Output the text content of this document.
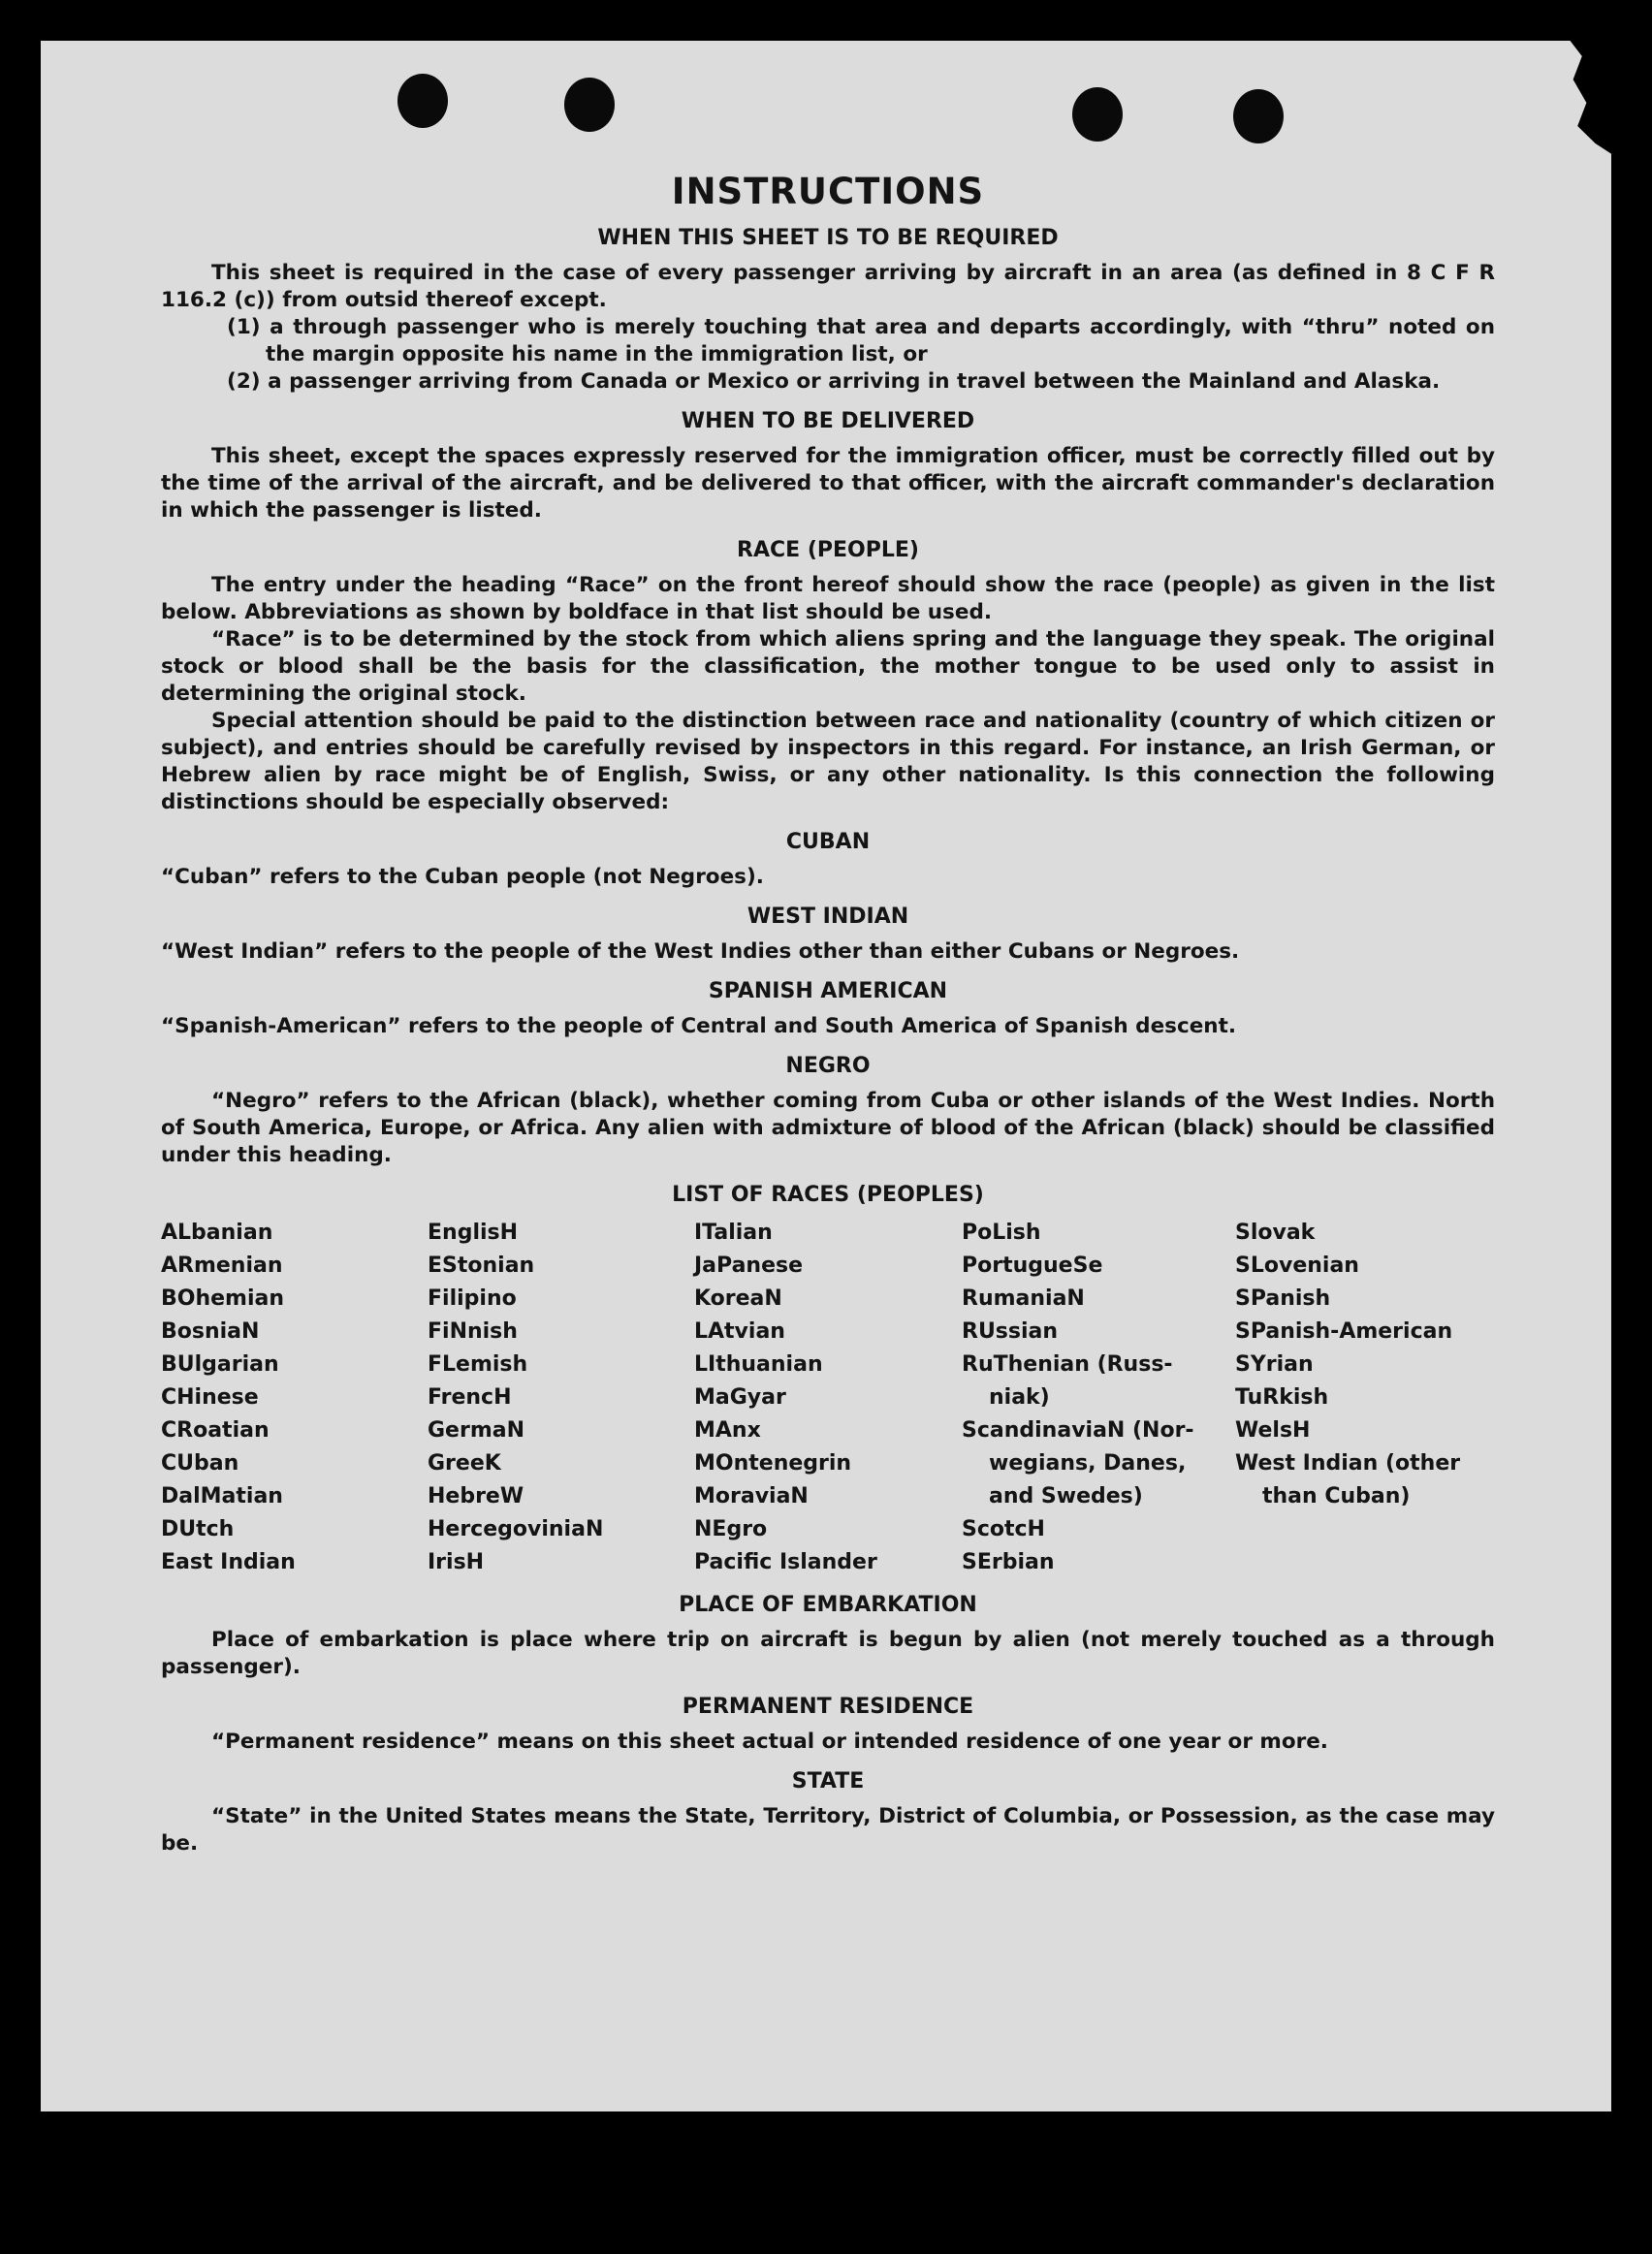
INSTRUCTIONS
WHEN THIS SHEET IS TO BE REQUIRED

This sheet is required in the case of every passenger arriving by aircraft in an area (as defined in 8 C F R 116.2 (c)) from outsid thereof except.

(1) a through passenger who is merely touching that area and departs accordingly, with “thru” noted on the margin opposite his name in the immigration list, or

(2) a passenger arriving from Canada or Mexico or arriving in travel between the Mainland and Alaska.

WHEN TO BE DELIVERED

This sheet, except the spaces expressly reserved for the immigration officer, must be correctly filled out by the time of the arrival of the aircraft, and be delivered to that officer, with the aircraft commander's declaration in which the passenger is listed.

RACE (PEOPLE)

The entry under the heading “Race” on the front hereof should show the race (people) as given in the list below. Abbreviations as shown by boldface in that list should be used.

“Race” is to be determined by the stock from which aliens spring and the language they speak. The original stock or blood shall be the basis for the classification, the mother tongue to be used only to assist in determining the original stock.

Special attention should be paid to the distinction between race and nationality (country of which citizen or subject), and entries should be carefully revised by inspectors in this regard. For instance, an Irish German, or Hebrew alien by race might be of English, Swiss, or any other nationality. Is this connection the following distinctions should be especially observed:

CUBAN

“Cuban” refers to the Cuban people (not Negroes).

WEST INDIAN

“West Indian” refers to the people of the West Indies other than either Cubans or Negroes.

SPANISH AMERICAN

“Spanish-American” refers to the people of Central and South America of Spanish descent.

NEGRO

“Negro” refers to the African (black), whether coming from Cuba or other islands of the West Indies. North of South America, Europe, or Africa. Any alien with admixture of blood of the African (black) should be classified under this heading.

LIST OF RACES (PEOPLES)
ALbanian
ARmenian
BOhemian
BosniaN
BUlgarian
CHinese
CRoatian
CUban
DalMatian
DUtch
East Indian
EnglisH
EStonian
Filipino
FiNnish
FLemish
FrencH
GermaN
GreeK
HebreW
HercegoviniaN
IrisH
ITalian
JaPanese
KoreaN
LAtvian
LIthuanian
MaGyar
MAnx
MOntenegrin
MoraviaN
NEgro
Pacific Islander
PoLish
PortugueSe
RumaniaN
RUssian
RuThenian (Russ-
niak)
ScandinaviaN (Nor-
wegians, Danes,
and Swedes)
ScotcH
SErbian
Slovak
SLovenian
SPanish
SPanish-American
SYrian
TuRkish
WelsH
West Indian (other
than Cuban)
PLACE OF EMBARKATION

Place of embarkation is place where trip on aircraft is begun by alien (not merely touched as a through passenger).

PERMANENT RESIDENCE

“Permanent residence” means on this sheet actual or intended residence of one year or more.

STATE

“State” in the United States means the State, Territory, District of Columbia, or Possession, as the case may be.
